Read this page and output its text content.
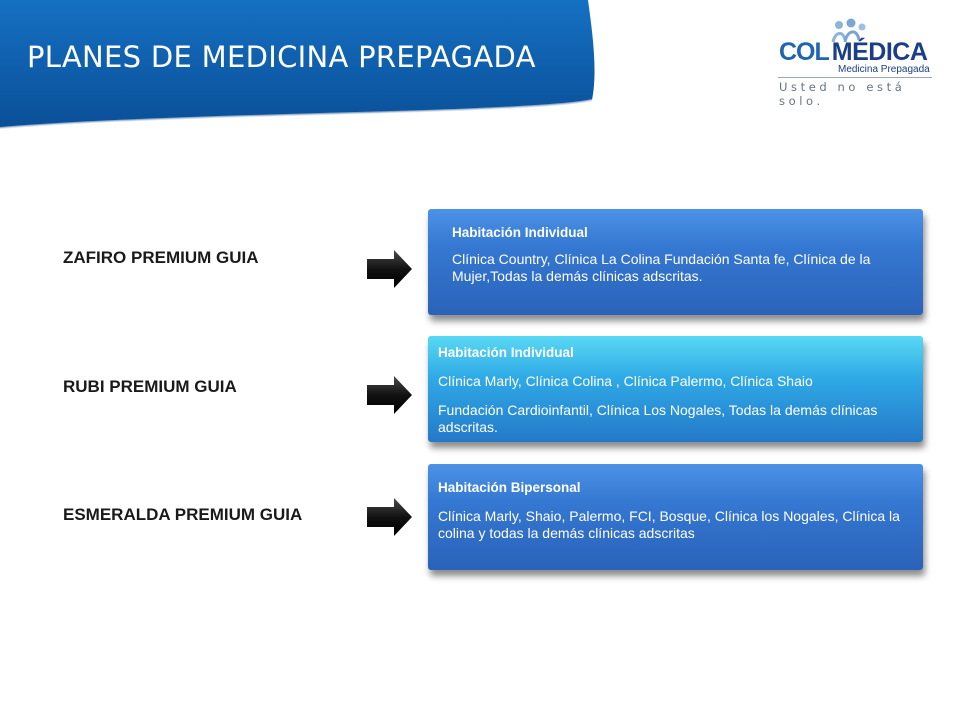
PLANES DE MEDICINA PREPAGADA	COL MÉDICA
Medicina Prepagada
Usted no está solo.
ZAFIRO PREMIUM GUIA
Habitación Individual
Clínica Country, Clínica La Colina Fundación Santa fe, Clínica de la Mujer,Todas la demás clínicas adscritas.
RUBI PREMIUM GUIA
Habitación Individual
Clínica Marly, Clínica Colina , Clínica Palermo, Clínica Shaio
Fundación Cardioinfantil, Clínica Los Nogales, Todas la demás clínicas adscritas.
ESMERALDA PREMIUM GUIA
Habitación Bipersonal
Clínica Marly, Shaio, Palermo, FCI, Bosque, Clínica los Nogales, Clínica la colina y todas la demás clínicas adscritas
